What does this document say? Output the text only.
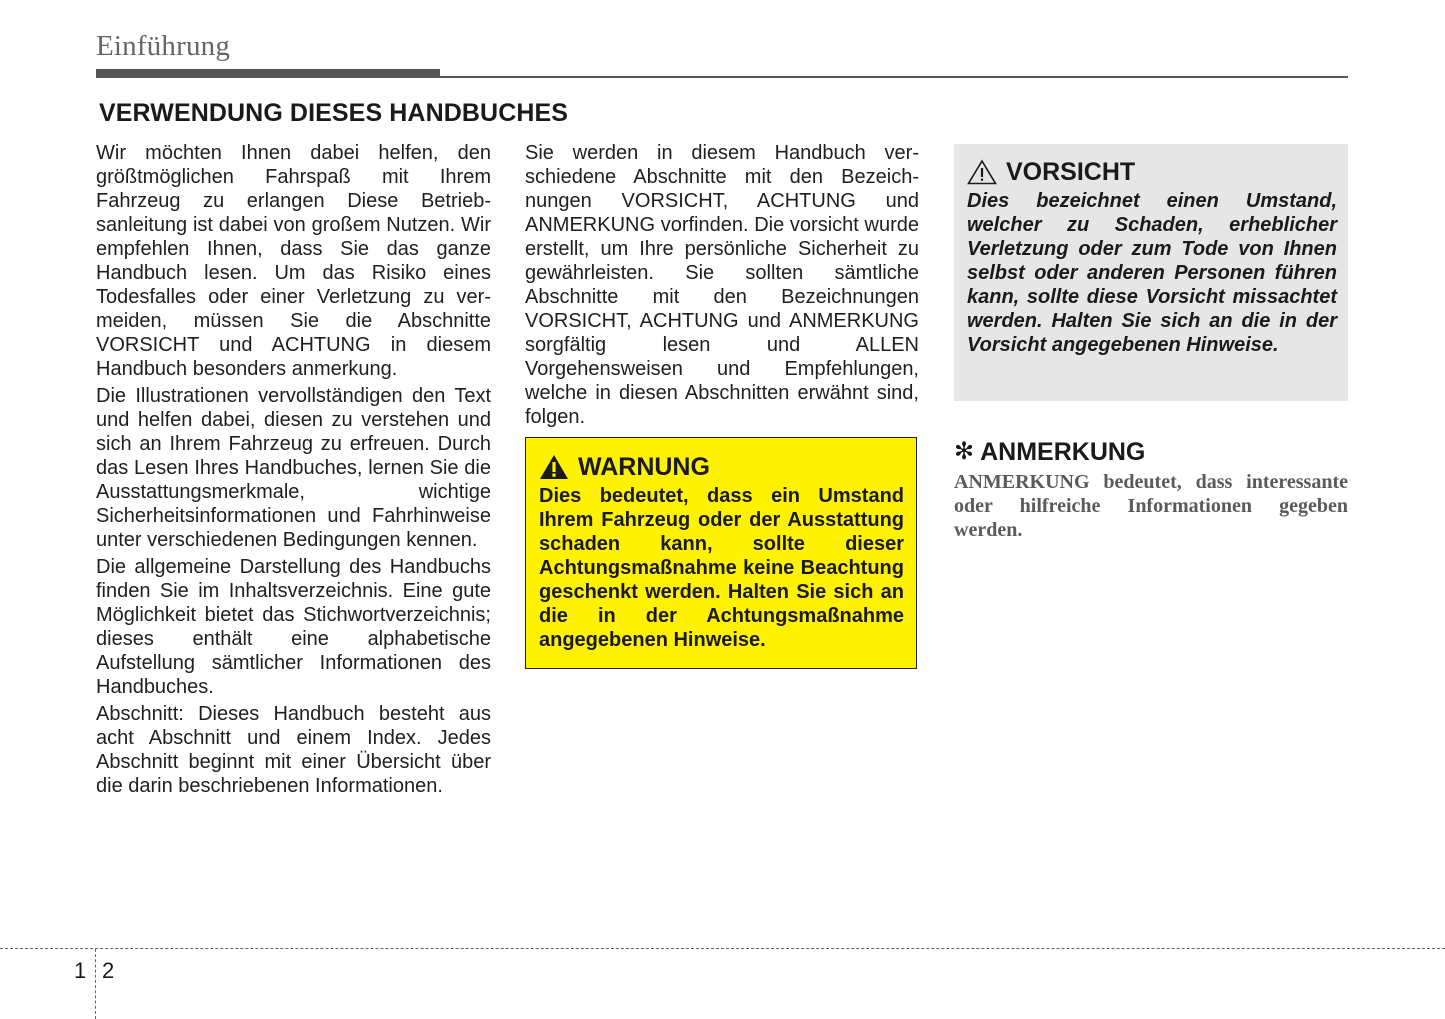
Einführung
VERWENDUNG DIESES HANDBUCHES

Wir möchten Ihnen dabei helfen, den größtmöglichen Fahrspaß mit Ihrem Fahrzeug zu erlangen Diese Betriebsanleitung ist dabei von großem Nutzen. Wir empfehlen Ihnen, dass Sie das ganze Handbuch lesen. Um das Risiko eines Todesfalles oder einer Verletzung zu vermeiden, müssen Sie die Abschnitte VORSICHT und ACHTUNG in diesem Handbuch besonders anmerkung.

Die Illustrationen vervollständigen den Text und helfen dabei, diesen zu verstehen und sich an Ihrem Fahrzeug zu erfreuen. Durch das Lesen Ihres Handbuches, lernen Sie die Ausstattungsmerkmale, wichtige Sicherheitsinformationen und Fahrhinweise unter verschiedenen Bedingungen kennen.

Die allgemeine Darstellung des Handbuchs finden Sie im Inhaltsverzeichnis. Eine gute Möglichkeit bietet das Stichwortverzeichnis; dieses enthält eine alphabetische Aufstellung sämtlicher Informationen des Handbuches.

Abschnitt: Dieses Handbuch besteht aus acht Abschnitt und einem Index. Jedes Abschnitt beginnt mit einer Übersicht über die darin beschriebenen Informationen.

Sie werden in diesem Handbuch verschiedene Abschnitte mit den Bezeichnungen VORSICHT, ACHTUNG und ANMERKUNG vorfinden. Die vorsicht wurde erstellt, um Ihre persönliche Sicherheit zu gewährleisten. Sie sollten sämtliche Abschnitte mit den Bezeichnungen VORSICHT, ACHTUNG und ANMERKUNG sorgfältig lesen und ALLEN Vorgehensweisen und Empfehlungen, welche in diesen Abschnitten erwähnt sind, folgen.

WARNUNG
Dies bedeutet, dass ein Umstand Ihrem Fahrzeug oder der Ausstattung schaden kann, sollte dieser Achtungsmaßnahme keine Beachtung geschenkt werden. Halten Sie sich an die in der Achtungsmaßnahme angegebenen Hinweise.
VORSICHT
Dies bezeichnet einen Umstand, welcher zu Schaden, erheblicher Verletzung oder zum Tode von Ihnen selbst oder anderen Personen führen kann, sollte diese Vorsicht missachtet werden. Halten Sie sich an die in der Vorsicht angegebenen Hinweise.
✻ ANMERKUNG
ANMERKUNG bedeutet, dass interessante oder hilfreiche Informationen gegeben werden.
1 2
